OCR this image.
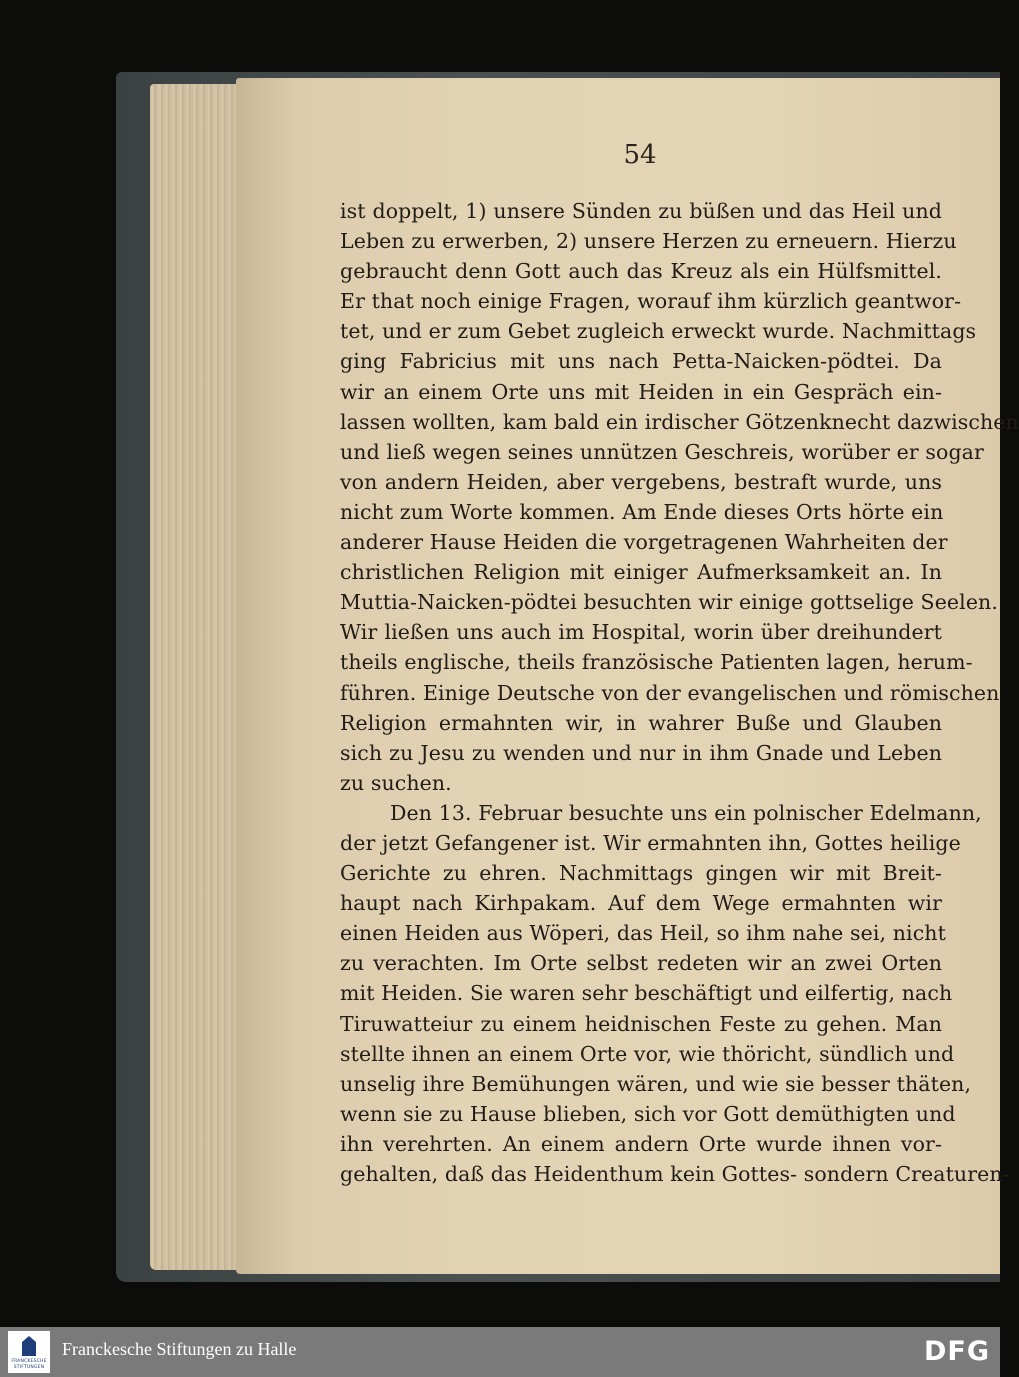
54
ist doppelt, 1) unsere Sünden zu büßen und das Heil und
Leben zu erwerben, 2) unsere Herzen zu erneuern. Hierzu
gebraucht denn Gott auch das Kreuz als ein Hülfsmittel.
Er that noch einige Fragen, worauf ihm kürzlich geantwor-
tet, und er zum Gebet zugleich erweckt wurde. Nachmittags
ging Fabricius mit uns nach Petta-Naicken-pödtei. Da
wir an einem Orte uns mit Heiden in ein Gespräch ein-
lassen wollten, kam bald ein irdischer Götzenknecht dazwischen
und ließ wegen seines unnützen Geschreis, worüber er sogar
von andern Heiden, aber vergebens, bestraft wurde, uns
nicht zum Worte kommen. Am Ende dieses Orts hörte ein
anderer Hause Heiden die vorgetragenen Wahrheiten der
christlichen Religion mit einiger Aufmerksamkeit an. In
Muttia-Naicken-pödtei besuchten wir einige gottselige Seelen.
Wir ließen uns auch im Hospital, worin über dreihundert
theils englische, theils französische Patienten lagen, herum-
führen. Einige Deutsche von der evangelischen und römischen
Religion ermahnten wir, in wahrer Buße und Glauben
sich zu Jesu zu wenden und nur in ihm Gnade und Leben
zu suchen.
Den 13. Februar besuchte uns ein polnischer Edelmann,
der jetzt Gefangener ist. Wir ermahnten ihn, Gottes heilige
Gerichte zu ehren. Nachmittags gingen wir mit Breit-
haupt nach Kirhpakam. Auf dem Wege ermahnten wir
einen Heiden aus Wöperi, das Heil, so ihm nahe sei, nicht
zu verachten. Im Orte selbst redeten wir an zwei Orten
mit Heiden. Sie waren sehr beschäftigt und eilfertig, nach
Tiruwatteiur zu einem heidnischen Feste zu gehen. Man
stellte ihnen an einem Orte vor, wie thöricht, sündlich und
unselig ihre Bemühungen wären, und wie sie besser thäten,
wenn sie zu Hause blieben, sich vor Gott demüthigten und
ihn verehrten. An einem andern Orte wurde ihnen vor-
gehalten, daß das Heidenthum kein Gottes- sondern Creaturen-
FRANCKESCHE
STIFTUNGEN
Franckesche Stiftungen zu Halle	DFG
